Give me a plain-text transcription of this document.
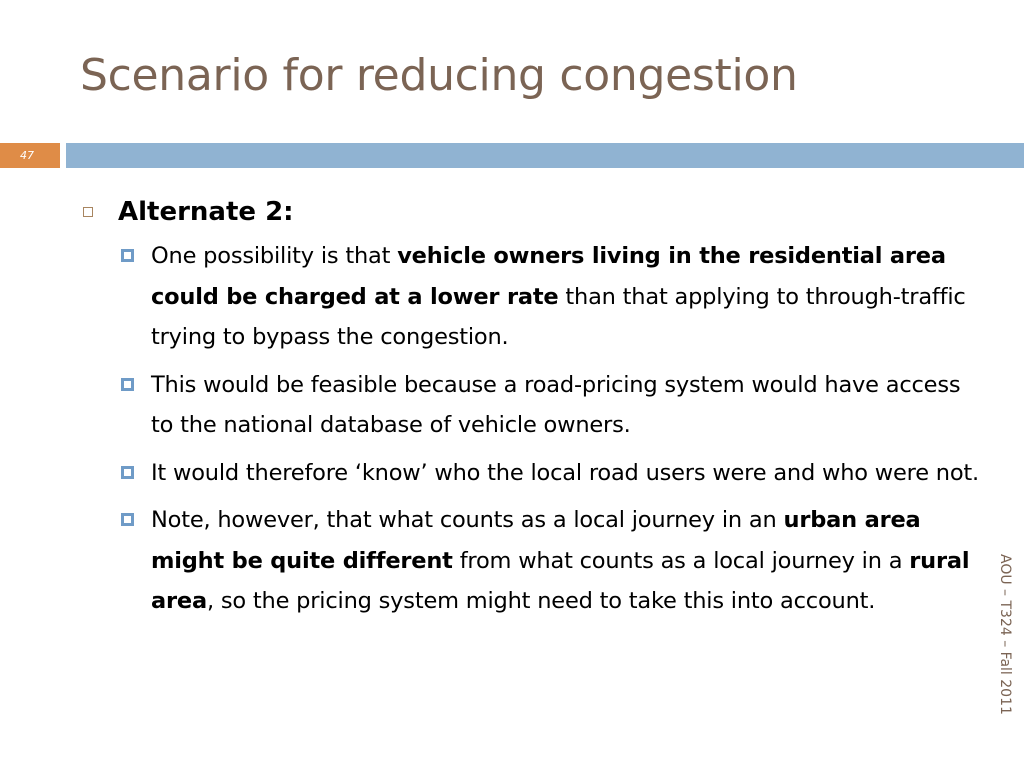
Scenario for reducing congestion
47
Alternate 2:
One possibility is that vehicle owners living in the residential area could be charged at a lower rate than that applying to through-traffic trying to bypass the congestion.
This would be feasible because a road-pricing system would have access to the national database of vehicle owners.
It would therefore ‘know’ who the local road users were and who were not.
Note, however, that what counts as a local journey in an urban area might be quite different from what counts as a local journey in a rural area, so the pricing system might need to take this into account.	AOU – T324 – Fall 2011
